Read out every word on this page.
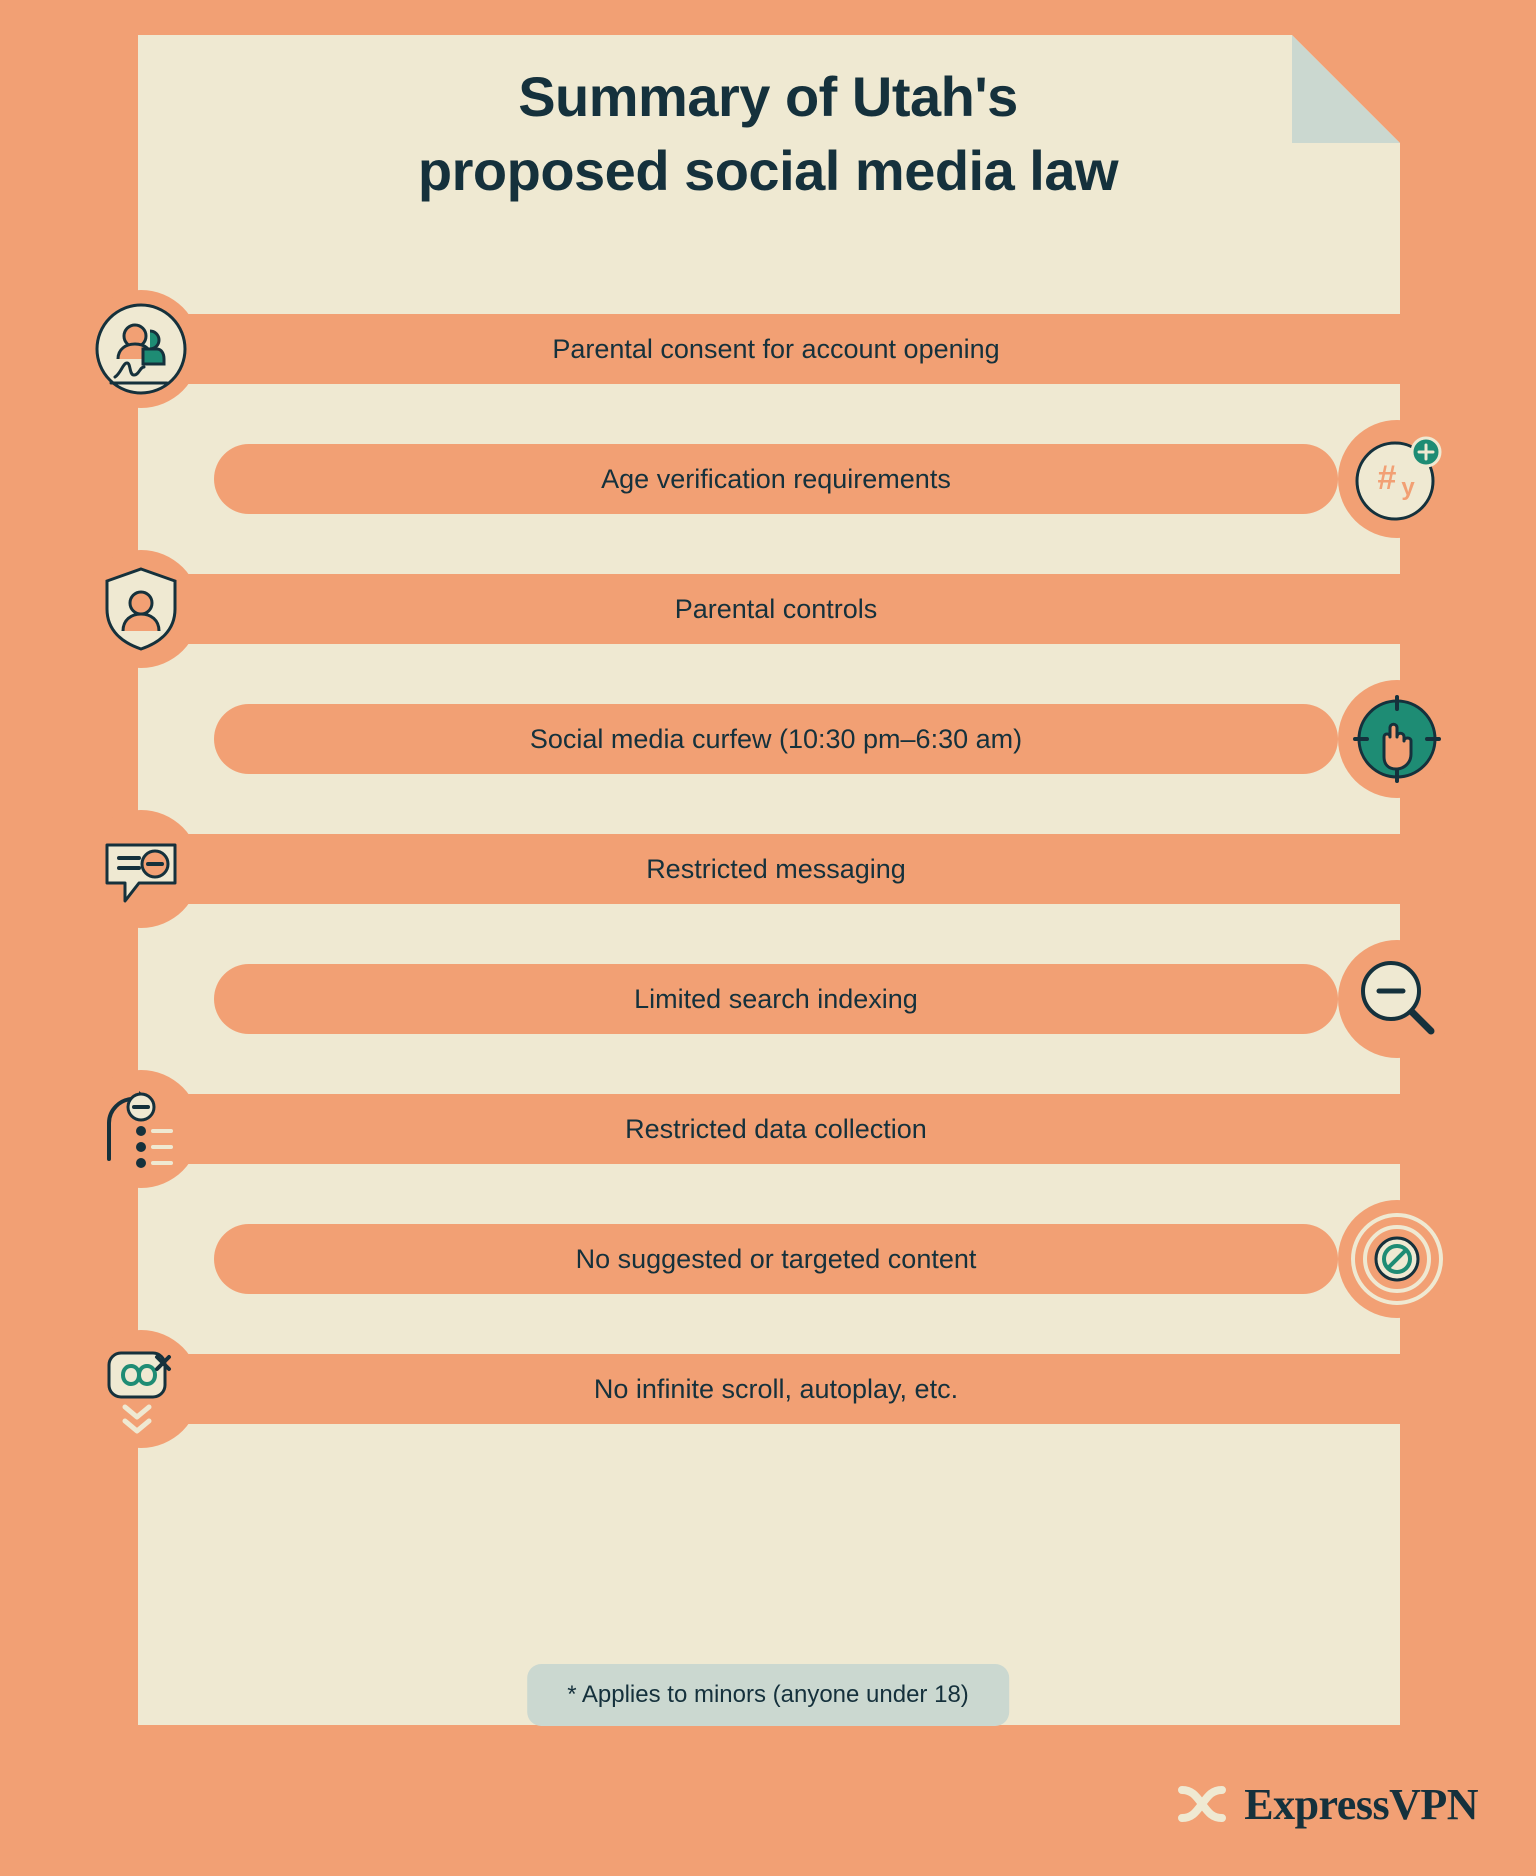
Summary of Utah's
proposed social media law
Parental consent for account opening
Age verification requirements	# y
Parental controls
Social media curfew (10:30 pm–6:30 am)
Restricted messaging
Limited search indexing
Restricted data collection
No suggested or targeted content
No infinite scroll, autoplay, etc.
* Applies to minors (anyone under 18)
ExpressVPN
